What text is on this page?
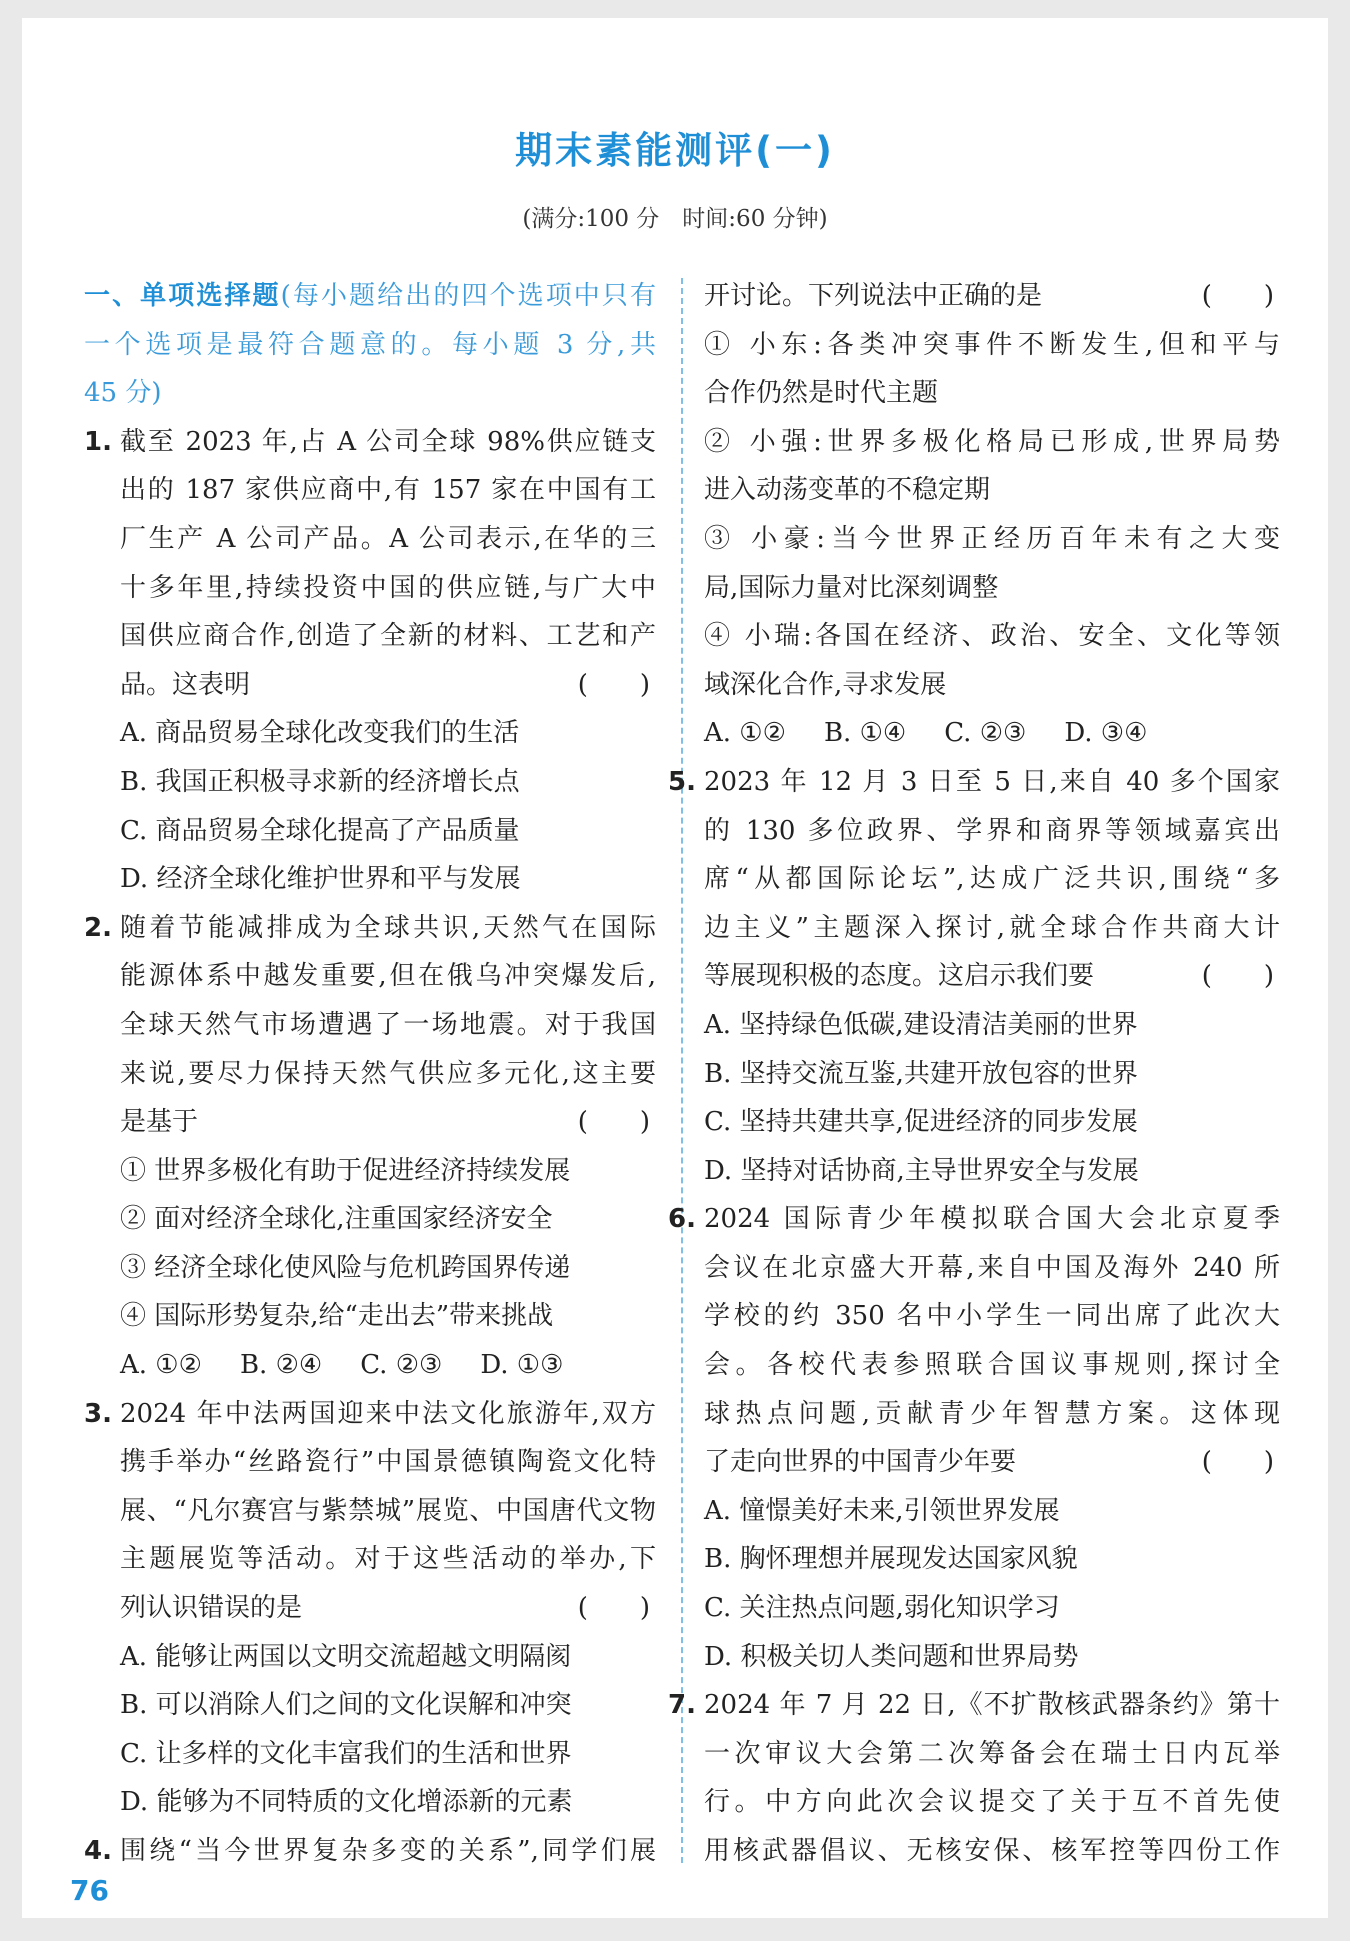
期末素能测评(一)
(满分:100 分　时间:60 分钟)
一、单项选择题(每小题给出的四个选项中只有
一个选项是最符合题意的。每小题 3 分,共
45 分)
1. 截至 2023 年,占 A 公司全球 98%供应链支
出的 187 家供应商中,有 157 家在中国有工
厂生产 A 公司产品。A 公司表示,在华的三
十多年里,持续投资中国的供应链,与广大中
国供应商合作,创造了全新的材料、工艺和产
品。这表明	(　　)
A. 商品贸易全球化改变我们的生活
B. 我国正积极寻求新的经济增长点
C. 商品贸易全球化提高了产品质量
D. 经济全球化维护世界和平与发展
2. 随着节能减排成为全球共识,天然气在国际
能源体系中越发重要,但在俄乌冲突爆发后,
全球天然气市场遭遇了一场地震。对于我国
来说,要尽力保持天然气供应多元化,这主要
是基于	(　　)
① 世界多极化有助于促进经济持续发展
② 面对经济全球化,注重国家经济安全
③ 经济全球化使风险与危机跨国界传递
④ 国际形势复杂,给“走出去”带来挑战
A. ①② B. ②④ C. ②③ D. ①③
3. 2024 年中法两国迎来中法文化旅游年,双方
携手举办“丝路瓷行”中国景德镇陶瓷文化特
展、“凡尔赛宫与紫禁城”展览、中国唐代文物
主题展览等活动。对于这些活动的举办,下
列认识错误的是	(　　)
A. 能够让两国以文明交流超越文明隔阂
B. 可以消除人们之间的文化误解和冲突
C. 让多样的文化丰富我们的生活和世界
D. 能够为不同特质的文化增添新的元素
4. 围绕“当今世界复杂多变的关系”,同学们展
开讨论。下列说法中正确的是	(　　)
① 小东:各类冲突事件不断发生,但和平与
合作仍然是时代主题
② 小强:世界多极化格局已形成,世界局势
进入动荡变革的不稳定期
③ 小豪:当今世界正经历百年未有之大变
局,国际力量对比深刻调整
④ 小瑞:各国在经济、政治、安全、文化等领
域深化合作,寻求发展
A. ①② B. ①④ C. ②③ D. ③④
5. 2023 年 12 月 3 日至 5 日,来自 40 多个国家
的 130 多位政界、学界和商界等领域嘉宾出
席“从都国际论坛”,达成广泛共识,围绕“多
边主义”主题深入探讨,就全球合作共商大计
等展现积极的态度。这启示我们要	(　　)
A. 坚持绿色低碳,建设清洁美丽的世界
B. 坚持交流互鉴,共建开放包容的世界
C. 坚持共建共享,促进经济的同步发展
D. 坚持对话协商,主导世界安全与发展
6. 2024 国际青少年模拟联合国大会北京夏季
会议在北京盛大开幕,来自中国及海外 240 所
学校的约 350 名中小学生一同出席了此次大
会。各校代表参照联合国议事规则,探讨全
球热点问题,贡献青少年智慧方案。这体现
了走向世界的中国青少年要	(　　)
A. 憧憬美好未来,引领世界发展
B. 胸怀理想并展现发达国家风貌
C. 关注热点问题,弱化知识学习
D. 积极关切人类问题和世界局势
7. 2024 年 7 月 22 日,《不扩散核武器条约》第十
一次审议大会第二次筹备会在瑞士日内瓦举
行。中方向此次会议提交了关于互不首先使
用核武器倡议、无核安保、核军控等四份工作
76
